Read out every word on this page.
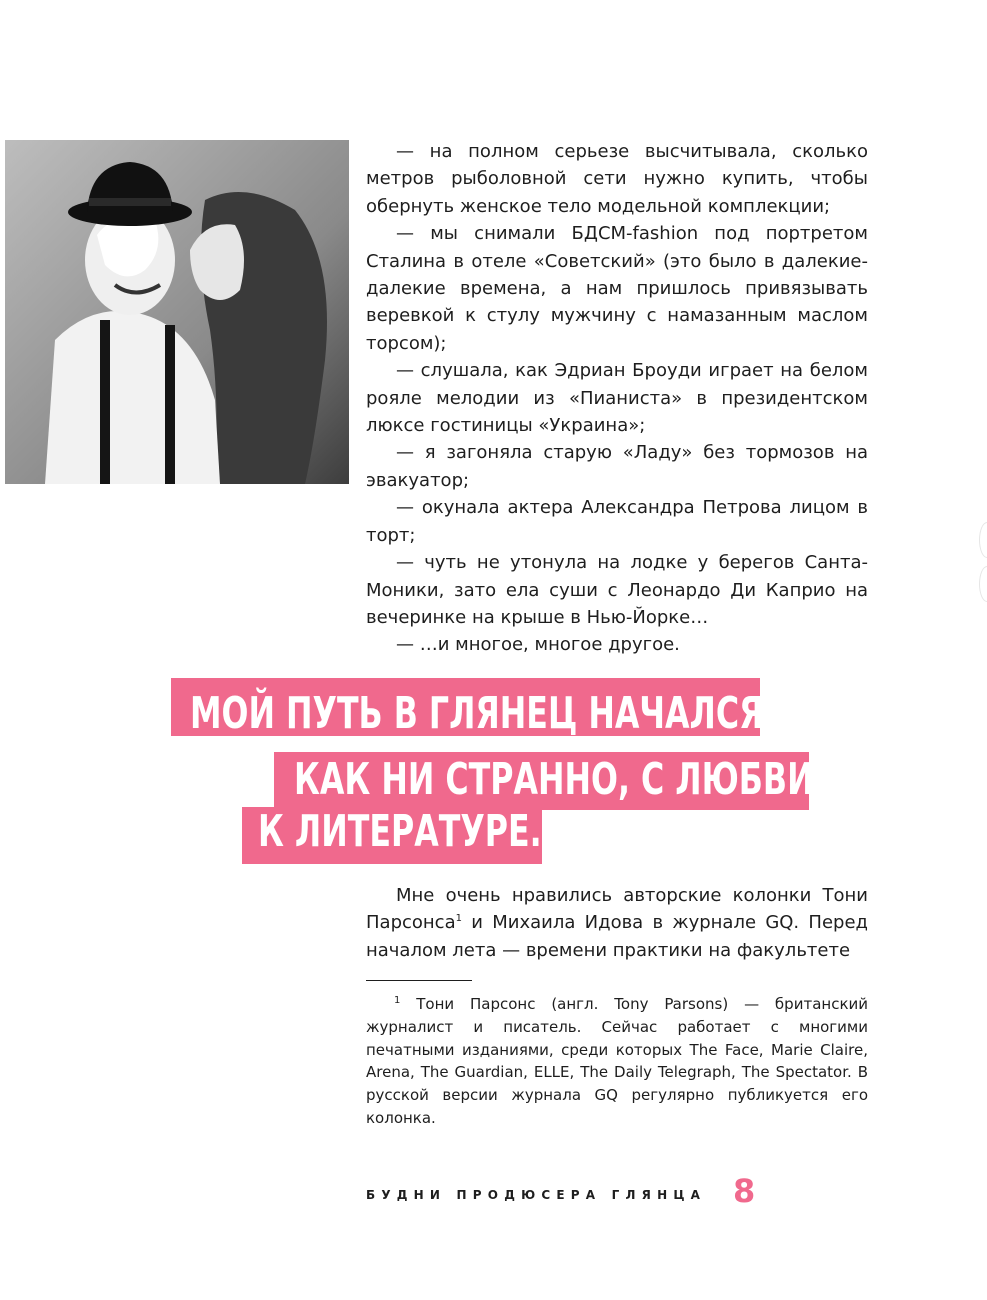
— на полном серьезе высчитывала, сколько метров рыболовной сети нужно купить, чтобы обернуть женское тело модельной комплекции;

— мы снимали БДСМ-fashion под портретом Сталина в отеле «Советский» (это было в далекие-далекие времена, а нам пришлось привязывать веревкой к стулу мужчину с намазанным маслом торсом);

— слушала, как Эдриан Броуди играет на белом рояле мелодии из «Пианиста» в президентском люксе гостиницы «Украина»;

— я загоняла старую «Ладу» без тормозов на эвакуатор;

— окунала актера Александра Петрова лицом в торт;

— чуть не утонула на лодке у берегов Санта-Моники, зато ела суши с Леонардо Ди Каприо на вечеринке на крыше в Нью-Йорке…

— …и многое, многое другое.

МОЙ ПУТЬ В ГЛЯНЕЦ НАЧАЛСЯ,
КАК НИ СТРАННО, С ЛЮБВИ
К ЛИТЕРАТУРЕ.

Мне очень нравились авторские колонки Тони Парсонса$^1$ и Михаила Идова в журнале GQ. Перед началом лета — времени практики на факультете

$^1$ Тони Парсонс (англ. Tony Parsons) — британский журналист и писатель. Сейчас работает с многими печатными изданиями, среди которых The Face, Marie Claire, Arena, The Guardian, ELLE, The Daily Telegraph, The Spectator. В русской версии журнала GQ регулярно публикуется его колонка.

БУДНИ ПРОДЮСЕРА ГЛЯНЦА 8
